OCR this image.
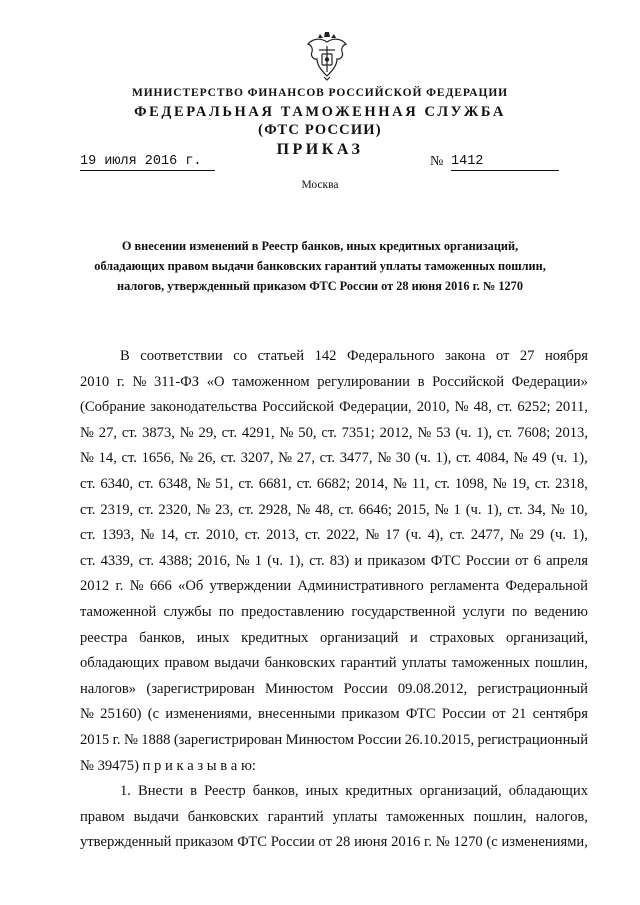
МИНИСТЕРСТВО ФИНАНСОВ РОССИЙСКОЙ ФЕДЕРАЦИИ
ФЕДЕРАЛЬНАЯ ТАМОЖЕННАЯ СЛУЖБА
(ФТС РОССИИ)
ПРИКАЗ
19 июля 2016 г.	№ 1412
Москва
О внесении изменений в Реестр банков, иных кредитных организаций,
обладающих правом выдачи банковских гарантий уплаты таможенных пошлин,
налогов, утвержденный приказом ФТС России от 28 июня 2016 г. № 1270
В соответствии со статьей 142 Федерального закона от 27 ноября
2010 г. № 311-ФЗ «О таможенном регулировании в Российской Федерации»
(Собрание законодательства Российской Федерации, 2010, № 48, ст. 6252; 2011,
№ 27, ст. 3873, № 29, ст. 4291, № 50, ст. 7351; 2012, № 53 (ч. 1), ст. 7608; 2013,
№ 14, ст. 1656, № 26, ст. 3207, № 27, ст. 3477, № 30 (ч. 1), ст. 4084, № 49 (ч. 1),
ст. 6340, ст. 6348, № 51, ст. 6681, ст. 6682; 2014, № 11, ст. 1098, № 19, ст. 2318,
ст. 2319, ст. 2320, № 23, ст. 2928, № 48, ст. 6646; 2015, № 1 (ч. 1), ст. 34, № 10,
ст. 1393, № 14, ст. 2010, ст. 2013, ст. 2022, № 17 (ч. 4), ст. 2477, № 29 (ч. 1),
ст. 4339, ст. 4388; 2016, № 1 (ч. 1), ст. 83) и приказом ФТС России от 6 апреля
2012 г. № 666 «Об утверждении Административного регламента Федеральной
таможенной службы по предоставлению государственной услуги по ведению
реестра банков, иных кредитных организаций и страховых организаций,
обладающих правом выдачи банковских гарантий уплаты таможенных пошлин,
налогов» (зарегистрирован Минюстом России 09.08.2012, регистрационный
№ 25160) (с изменениями, внесенными приказом ФТС России от 21 сентября
2015 г. № 1888 (зарегистрирован Минюстом России 26.10.2015, регистрационный
№ 39475) п р и к а з ы в а ю:
1. Внести в Реестр банков, иных кредитных организаций, обладающих
правом выдачи банковских гарантий уплаты таможенных пошлин, налогов,
утвержденный приказом ФТС России от 28 июня 2016 г. № 1270 (с изменениями,
